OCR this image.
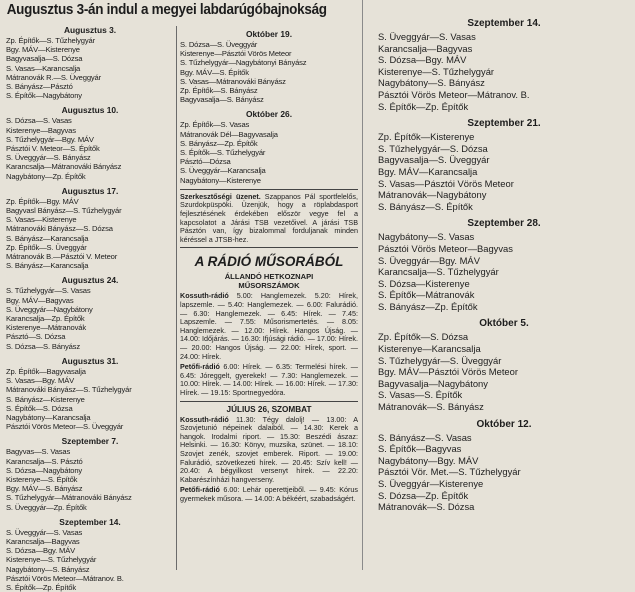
Augusztus 3-án indul a megyei labdarúgóbajnokság
Augusztus 3.
Zp. Építők—S. Tűzhelygyár
Bgy. MÁV—Kisterenye
Bagyvasalja—S. Dózsa
S. Vasas—Karancsalja
Mátranovák R.—S. Üveggyár
S. Bányász—Pásztó
S. Építők—Nagybátony
Augusztus 10.
S. Dózsa—S. Vasas
Kisterenye—Bagyvas
S. Tűzhelygyár—Bgy. MÁV
Pásztói V. Meteor—S. Építők
S. Üveggyár—S. Bányász
Karancsalja—Mátranováki Bányász
Nagybátony—Zp. Építők
Augusztus 17.
Zp. Építők—Bgy. MÁV
Bagyvasl Bányász—S. Tűzhelygyár
S. Vasas—Kisterenye
Mátranováki Bányász—S. Dózsa
S. Bányász—Karancsalja
Zp. Építők—S. Üveggyár
Mátranovák B.—Pásztói V. Meteor
S. Bányász—Karancsalja
Augusztus 24.
S. Tűzhelygyár—S. Vasas
Bgy. MÁV—Bagyvas
S. Üveggyár—Nagybátony
Karancsalja—Zp. Építők
Kisterenye—Mátranovák
Pásztó—S. Dózsa
S. Dózsa—S. Bányász
Augusztus 31.
Zp. Építők—Bagyvasalja
S. Vasas—Bgy. MÁV
Mátranováki Bányász—S. Tűzhelygyár
S. Bányász—Kisterenye
S. Építők—S. Dózsa
Nagybátony—Karancsalja
Pásztói Vörös Meteor—S. Üveggyár
Szeptember 7.
Bagyvas—S. Vasas
Karancsalja—S. Pásztó
S. Dózsa—Nagybátony
Kisterenye—S. Építők
Bgy. MÁV—S. Bányász
S. Tűzhelygyár—Mátranováki Bányász
S. Üveggyár—Zp. Építők
Szeptember 14.
S. Üveggyár—S. Vasas
Karancsalja—Bagyvas
S. Dózsa—Bgy. MÁV
Kisterenye—S. Tűzhelygyár
Nagybátony—S. Bányász
Pásztói Vörös Meteor—Mátranov. B.
S. Építők—Zp. Építők
Október 19.
S. Dózsa—S. Üveggyár
Kisterenye—Pásztói Vörös Meteor
S. Tűzhelygyár—Nagybátonyi Bányász
Bgy. MÁV—S. Építők
S. Vasas—Mátranováki Bányász
Zp. Építők—S. Bányász
Bagyvasalja—S. Bányász
Október 26.
Zp. Építők—S. Vasas
Mátranovák Dél—Bagyvasalja
S. Bányász—Zp. Építők
S. Építők—S. Tűzhelygyár
Pásztó—Dózsa
S. Üveggyár—Karancsalja
Nagybátony—Kisterenye
Szerkesztőségi üzenet. Szappanos Pál sportfelelős, Szurdokpüspöki. Üzenjük, hogy a röplabdasport fejlesztésének érdekében először vegye fel a kapcsolatot a Járási TSB vezetőivel. A járási TSB Pásztón van, így bizalommal forduljanak minden kéréssel a JTSB-hez.
A RÁDIÓ MŰSORÁBÓL
ÁLLANDÓ HETKOZNAPI
MŰSORSZÁMOK
Kossuth-rádió 5.00: Hanglemezek. 5.20: Hírek, lapszemle. — 5.40: Hanglemezek. — 6.00: Falurádió. — 6.30: Hanglemezek. — 6.45: Hírek. — 7.45: Lapszemle. — 7.55: Műsorismertetés. — 8.05: Hanglemezek. — 12.00: Hírek. Hangos Újság. — 14.00: Időjárás. — 16.30: Ifjúsági rádió. — 17.00: Hírek. — 20.00: Hangos Újság. — 22.00: Hírek, sport. — 24.00: Hírek.
Petőfi-rádió 6.00: Hírek. — 6.35: Termelési hírek. — 6.45: Jóreggelt, gyerekek! — 7.30: Hanglemezek. — 10.00: Hírek. — 14.00: Hírek. — 16.00: Hírek. — 17.30: Hírek. — 19.15: Sportnegyedóra.
JÚLIUS 26, SZOMBAT
Kossuth-rádió 11.30: Tégy dalolj! — 13.00: A Szovjetunió népeinek dalaiból. — 14.30: Kerek a hangok. Irodalmi riport. — 15.30: Beszédi ászaz: Helsinki. — 16.30: Könyv, muzsika, szünet. — 18.10: Szovjet zenék, szovjet emberek. Riport. — 19.00: Falurádió, szövetkezeti hírek. — 20.45: Szív kell! — 20.40: A bégyilkost versenyt hírek. — 22.20: Kabarészínházi hangverseny.
Petőfi-rádió 6.00: Lehár operettjeiből. — 9.45: Kórus gyermekek műsora. — 14.00: A békéért, szabadságért.
Szeptember 14.
S. Üveggyár—S. Vasas
Karancsalja—Bagyvas
S. Dózsa—Bgy. MÁV
Kisterenye—S. Tűzhelygyár
Nagybátony—S. Bányász
Pásztói Vörös Meteor—Mátranov. B.
S. Építők—Zp. Építők
Szeptember 21.
Zp. Építők—Kisterenye
S. Tűzhelygyár—S. Dózsa
Bagyvasalja—S. Üveggyár
Bgy. MÁV—Karancsalja
S. Vasas—Pásztói Vörös Meteor
Mátranovák—Nagybátony
S. Bányász—S. Építők
Szeptember 28.
Nagybátony—S. Vasas
Pásztói Vörös Meteor—Bagyvas
S. Üveggyár—Bgy. MÁV
Karancsalja—S. Tűzhelygyár
S. Dózsa—Kisterenye
S. Építők—Mátranovák
S. Bányász—Zp. Építők
Október 5.
Zp. Építők—S. Dózsa
Kisterenye—Karancsalja
S. Tűzhelygyár—S. Üveggyár
Bgy. MÁV—Pásztói Vörös Meteor
Bagyvasalja—Nagybátony
S. Vasas—S. Építők
Mátranovák—S. Bányász
Október 12.
S. Bányász—S. Vasas
S. Építők—Bagyvas
Nagybátony—Bgy. MÁV
Pásztói Vör. Met.—S. Tűzhelygyár
S. Üveggyár—Kisterenye
S. Dózsa—Zp. Építők
Mátranovák—S. Dózsa
